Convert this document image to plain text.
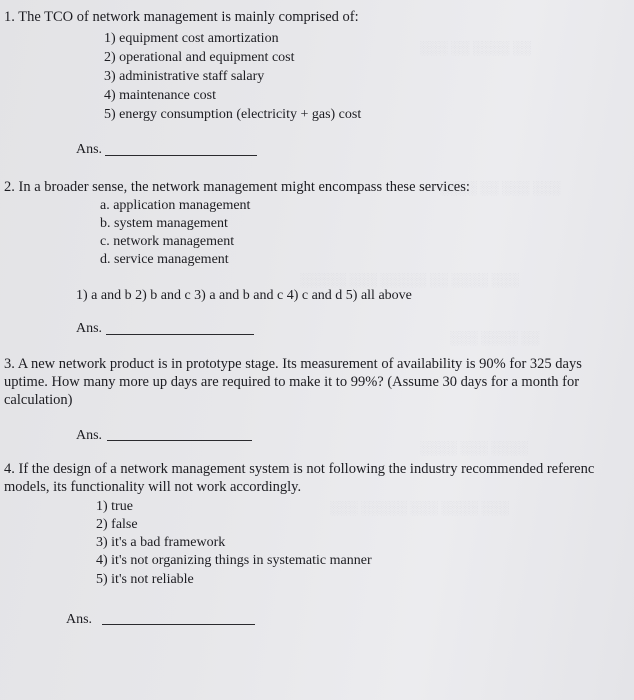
░░░ ░░ ░░░░ ░░
░░░░ ░░ ░░░ ░░░
░░░░░ ░░░ ░░░░░ ░░ ░░░░ ░░░
░░░ ░░░░ ░░
░░░░ ░░░ ░░░░
░░░ ░░░░░ ░░░ ░░░░ ░░░
1. The TCO of network management is mainly comprised of:
1) equipment cost amortization
2) operational and equipment cost
3) administrative staff salary
4) maintenance cost
5) energy consumption (electricity + gas) cost
Ans.
2. In a broader sense, the network management might encompass these services:
a. application management
b. system management
c. network management
d. service management
1) a and b 2) b and c 3) a and b and c 4) c and d 5) all above
Ans.
3. A new network product is in prototype stage. Its measurement of availability is 90% for 325 days
uptime. How many more up days are required to make it to 99%? (Assume 30 days for a month for
calculation)
Ans.
4. If the design of a network management system is not following the industry recommended referenc
models, its functionality will not work accordingly.
1) true
2) false
3) it's a bad framework
4) it's not organizing things in systematic manner
5) it's not reliable
Ans.
